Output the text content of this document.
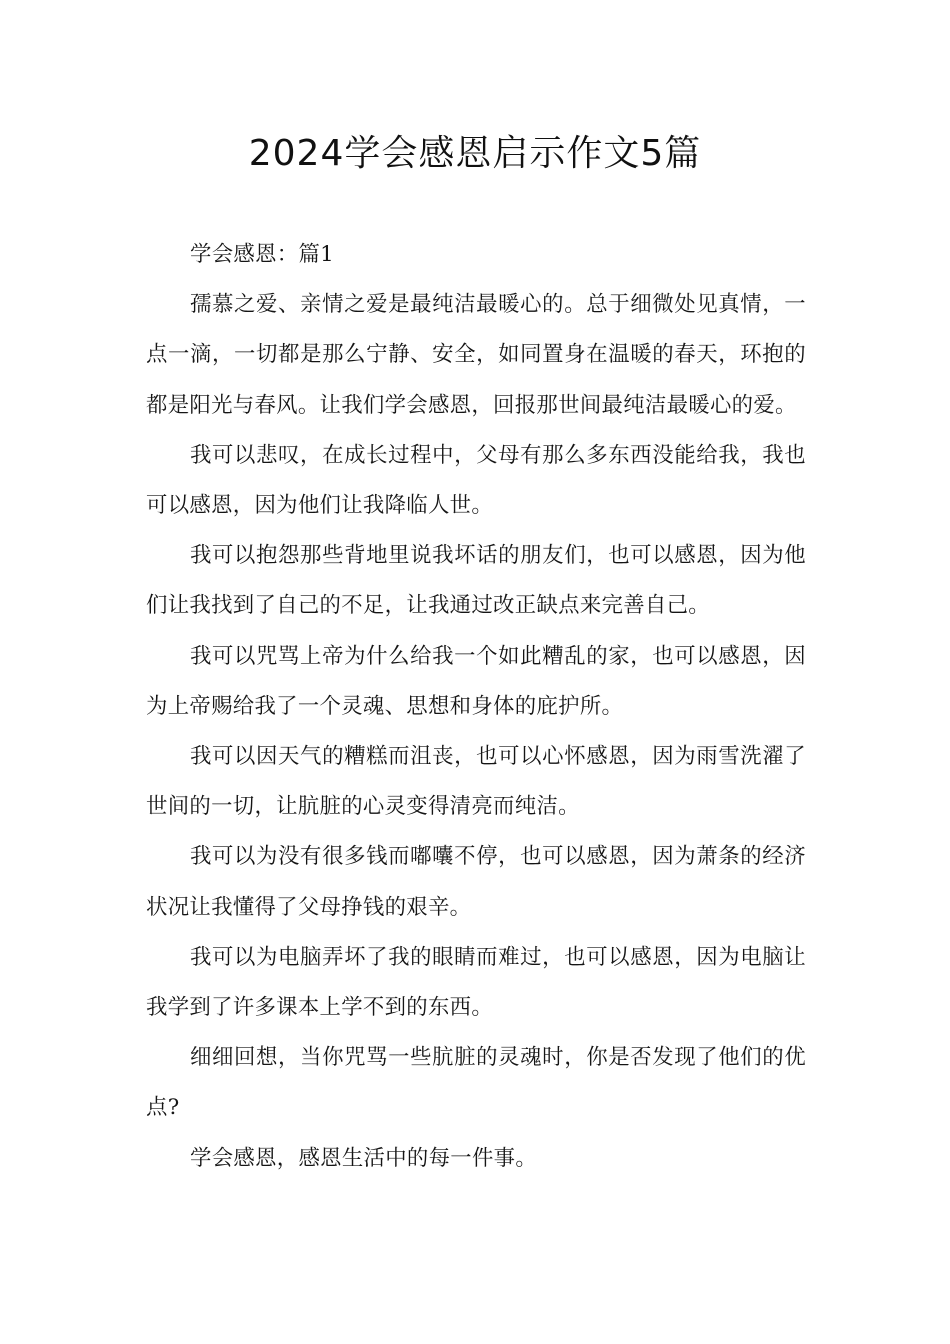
2024学会感恩启示作文5篇

学会感恩：篇1

孺慕之爱、亲情之爱是最纯洁最暖心的。总于细微处见真情，一点一滴，一切都是那么宁静、安全，如同置身在温暖的春天，环抱的都是阳光与春风。让我们学会感恩，回报那世间最纯洁最暖心的爱。

我可以悲叹，在成长过程中，父母有那么多东西没能给我，我也可以感恩，因为他们让我降临人世。

我可以抱怨那些背地里说我坏话的朋友们，也可以感恩，因为他们让我找到了自己的不足，让我通过改正缺点来完善自己。

我可以咒骂上帝为什么给我一个如此糟乱的家，也可以感恩，因为上帝赐给我了一个灵魂、思想和身体的庇护所。

我可以因天气的糟糕而沮丧，也可以心怀感恩，因为雨雪洗濯了世间的一切，让肮脏的心灵变得清亮而纯洁。

我可以为没有很多钱而嘟囔不停，也可以感恩，因为萧条的经济状况让我懂得了父母挣钱的艰辛。

我可以为电脑弄坏了我的眼睛而难过，也可以感恩，因为电脑让我学到了许多课本上学不到的东西。

细细回想，当你咒骂一些肮脏的灵魂时，你是否发现了他们的优点?

学会感恩，感恩生活中的每一件事。
